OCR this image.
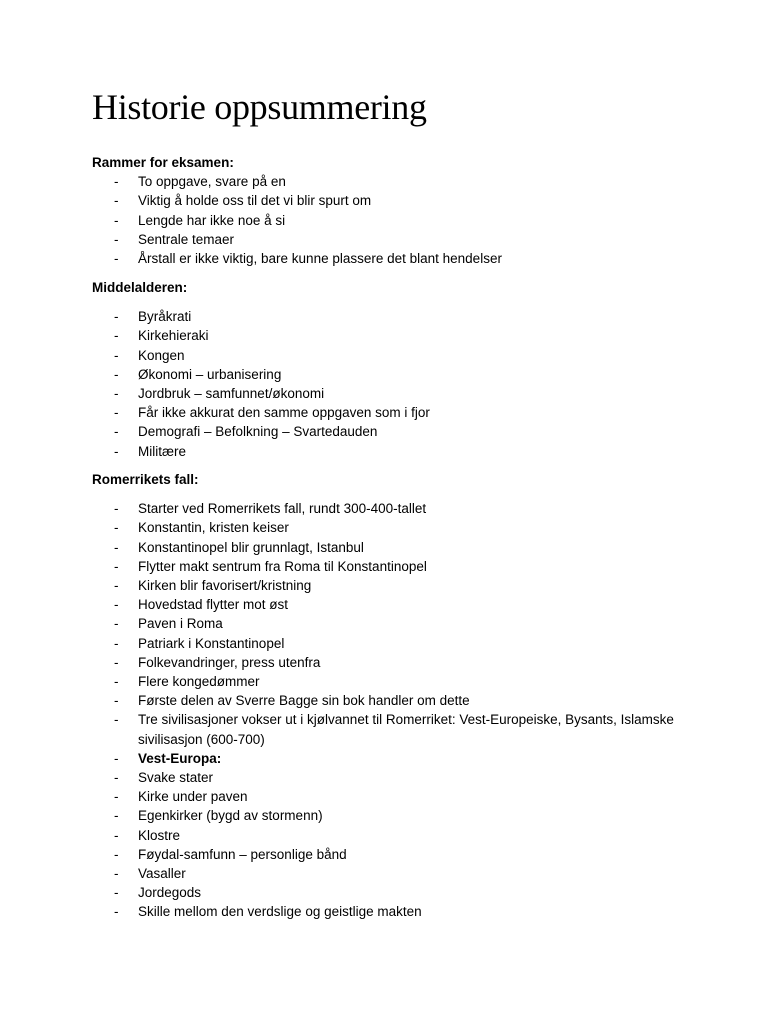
Historie oppsummering

Rammer for eksamen:

- To oppgave, svare på en
- Viktig å holde oss til det vi blir spurt om
- Lengde har ikke noe å si
- Sentrale temaer
- Årstall er ikke viktig, bare kunne plassere det blant hendelser

Middelalderen:

- Byråkrati
- Kirkehieraki
- Kongen
- Økonomi – urbanisering
- Jordbruk – samfunnet/økonomi
- Får ikke akkurat den samme oppgaven som i fjor
- Demografi – Befolkning – Svartedauden
- Militære

Romerrikets fall:

- Starter ved Romerrikets fall, rundt 300-400-tallet
- Konstantin, kristen keiser
- Konstantinopel blir grunnlagt, Istanbul
- Flytter makt sentrum fra Roma til Konstantinopel
- Kirken blir favorisert/kristning
- Hovedstad flytter mot øst
- Paven i Roma
- Patriark i Konstantinopel
- Folkevandringer, press utenfra
- Flere kongedømmer
- Første delen av Sverre Bagge sin bok handler om dette
- Tre sivilisasjoner vokser ut i kjølvannet til Romerriket: Vest-Europeiske, Bysants, Islamske sivilisasjon (600-700)
- Vest-Europa:
- Svake stater
- Kirke under paven
- Egenkirker (bygd av stormenn)
- Klostre
- Føydal-samfunn – personlige bånd
- Vasaller
- Jordegods
- Skille mellom den verdslige og geistlige makten
